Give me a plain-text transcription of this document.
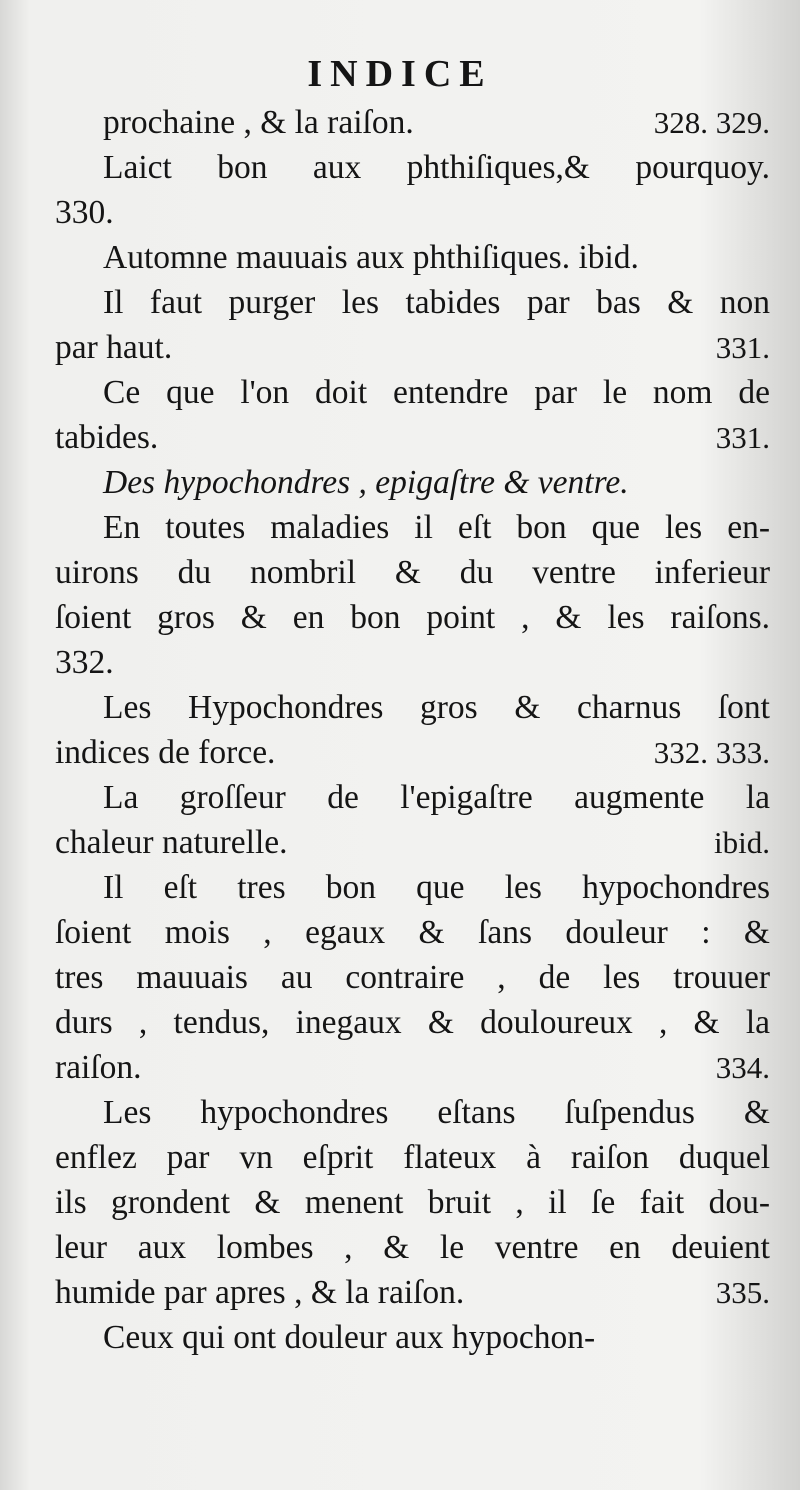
INDICE
prochaine , & la raiſon.	328. 329.
Laict bon aux phthiſiques,& pourquoy.
330.
Automne mauuais aux phthiſiques. ibid.
Il faut purger les tabides par bas & non
par haut.	331.
Ce que l'on doit entendre par le nom de
tabides.	331.
Des hypochondres , epigaſtre & ventre.
En toutes maladies il eſt bon que les en-
uirons du nombril & du ventre inferieur
ſoient gros & en bon point , & les raiſons.
332.
Les Hypochondres gros & charnus ſont
indices de force.	332. 333.
La groſſeur de l'epigaſtre augmente la
chaleur naturelle.	ibid.
Il eſt tres bon que les hypochondres
ſoient mois , egaux & ſans douleur : &
tres mauuais au contraire , de les trouuer
durs , tendus, inegaux & douloureux , & la
raiſon.	334.
Les hypochondres eſtans ſuſpendus &
enflez par vn eſprit flateux à raiſon duquel
ils grondent & menent bruit , il ſe fait dou-
leur aux lombes , & le ventre en deuient
humide par apres , & la raiſon.	335.
Ceux qui ont douleur aux hypochon-
